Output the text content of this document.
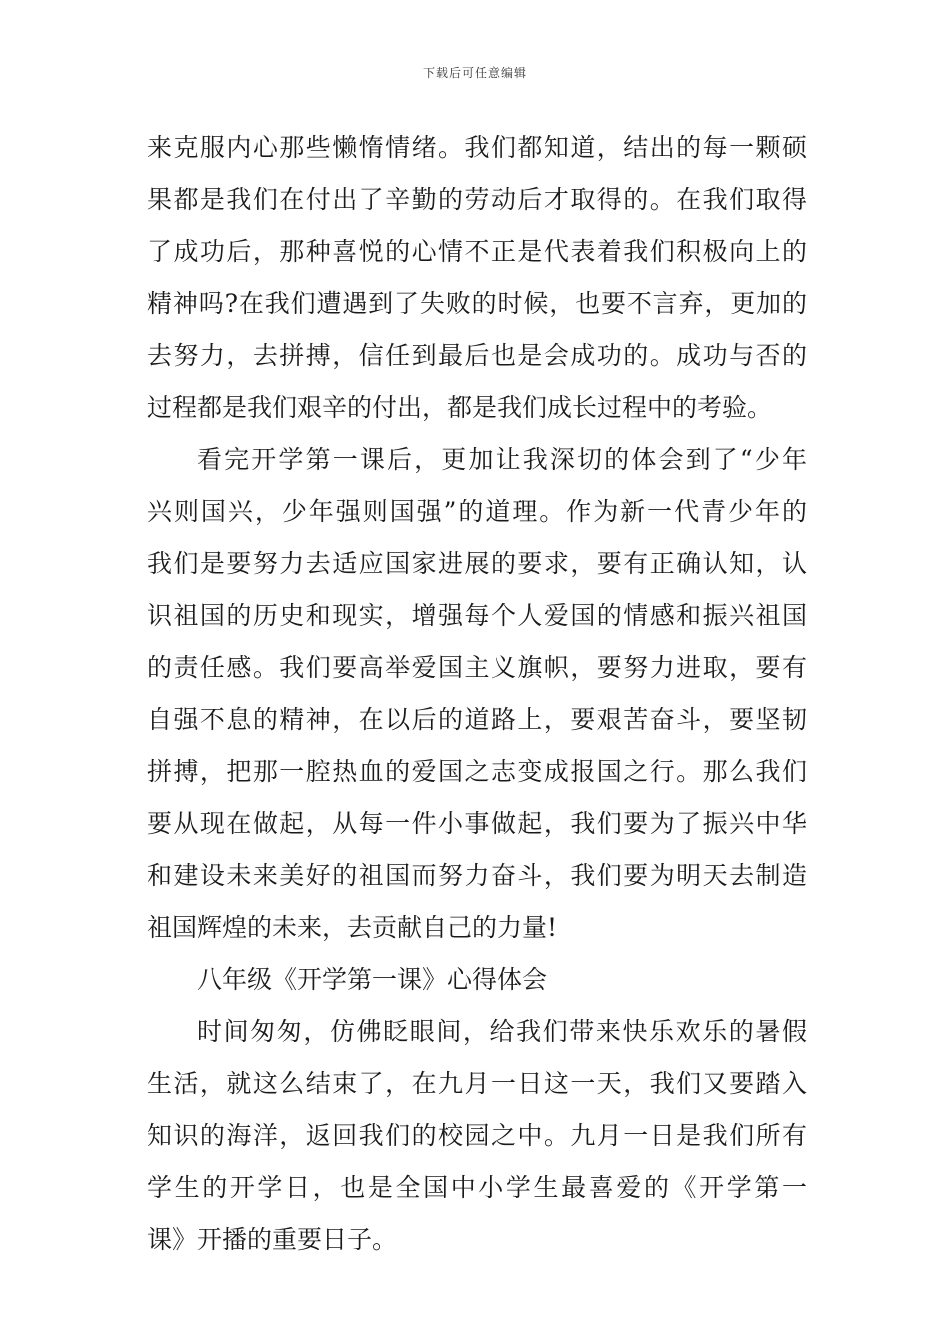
下载后可任意编辑
来克服内心那些懒惰情绪。我们都知道，结出的每一颗硕
果都是我们在付出了辛勤的劳动后才取得的。在我们取得
了成功后，那种喜悦的心情不正是代表着我们积极向上的
精神吗?在我们遭遇到了失败的时候，也要不言弃，更加的
去努力，去拼搏，信任到最后也是会成功的。成功与否的
过程都是我们艰辛的付出，都是我们成长过程中的考验。
看完开学第一课后，更加让我深切的体会到了“少年
兴则国兴，少年强则国强”的道理。作为新一代青少年的
我们是要努力去适应国家进展的要求，要有正确认知，认
识祖国的历史和现实，增强每个人爱国的情感和振兴祖国
的责任感。我们要高举爱国主义旗帜，要努力进取，要有
自强不息的精神，在以后的道路上，要艰苦奋斗，要坚韧
拼搏，把那一腔热血的爱国之志变成报国之行。那么我们
要从现在做起，从每一件小事做起，我们要为了振兴中华
和建设未来美好的祖国而努力奋斗，我们要为明天去制造
祖国辉煌的未来，去贡献自己的力量!
八年级《开学第一课》心得体会
时间匆匆，仿佛眨眼间，给我们带来快乐欢乐的暑假
生活，就这么结束了，在九月一日这一天，我们又要踏入
知识的海洋，返回我们的校园之中。九月一日是我们所有
学生的开学日，也是全国中小学生最喜爱的《开学第一
课》开播的重要日子。
